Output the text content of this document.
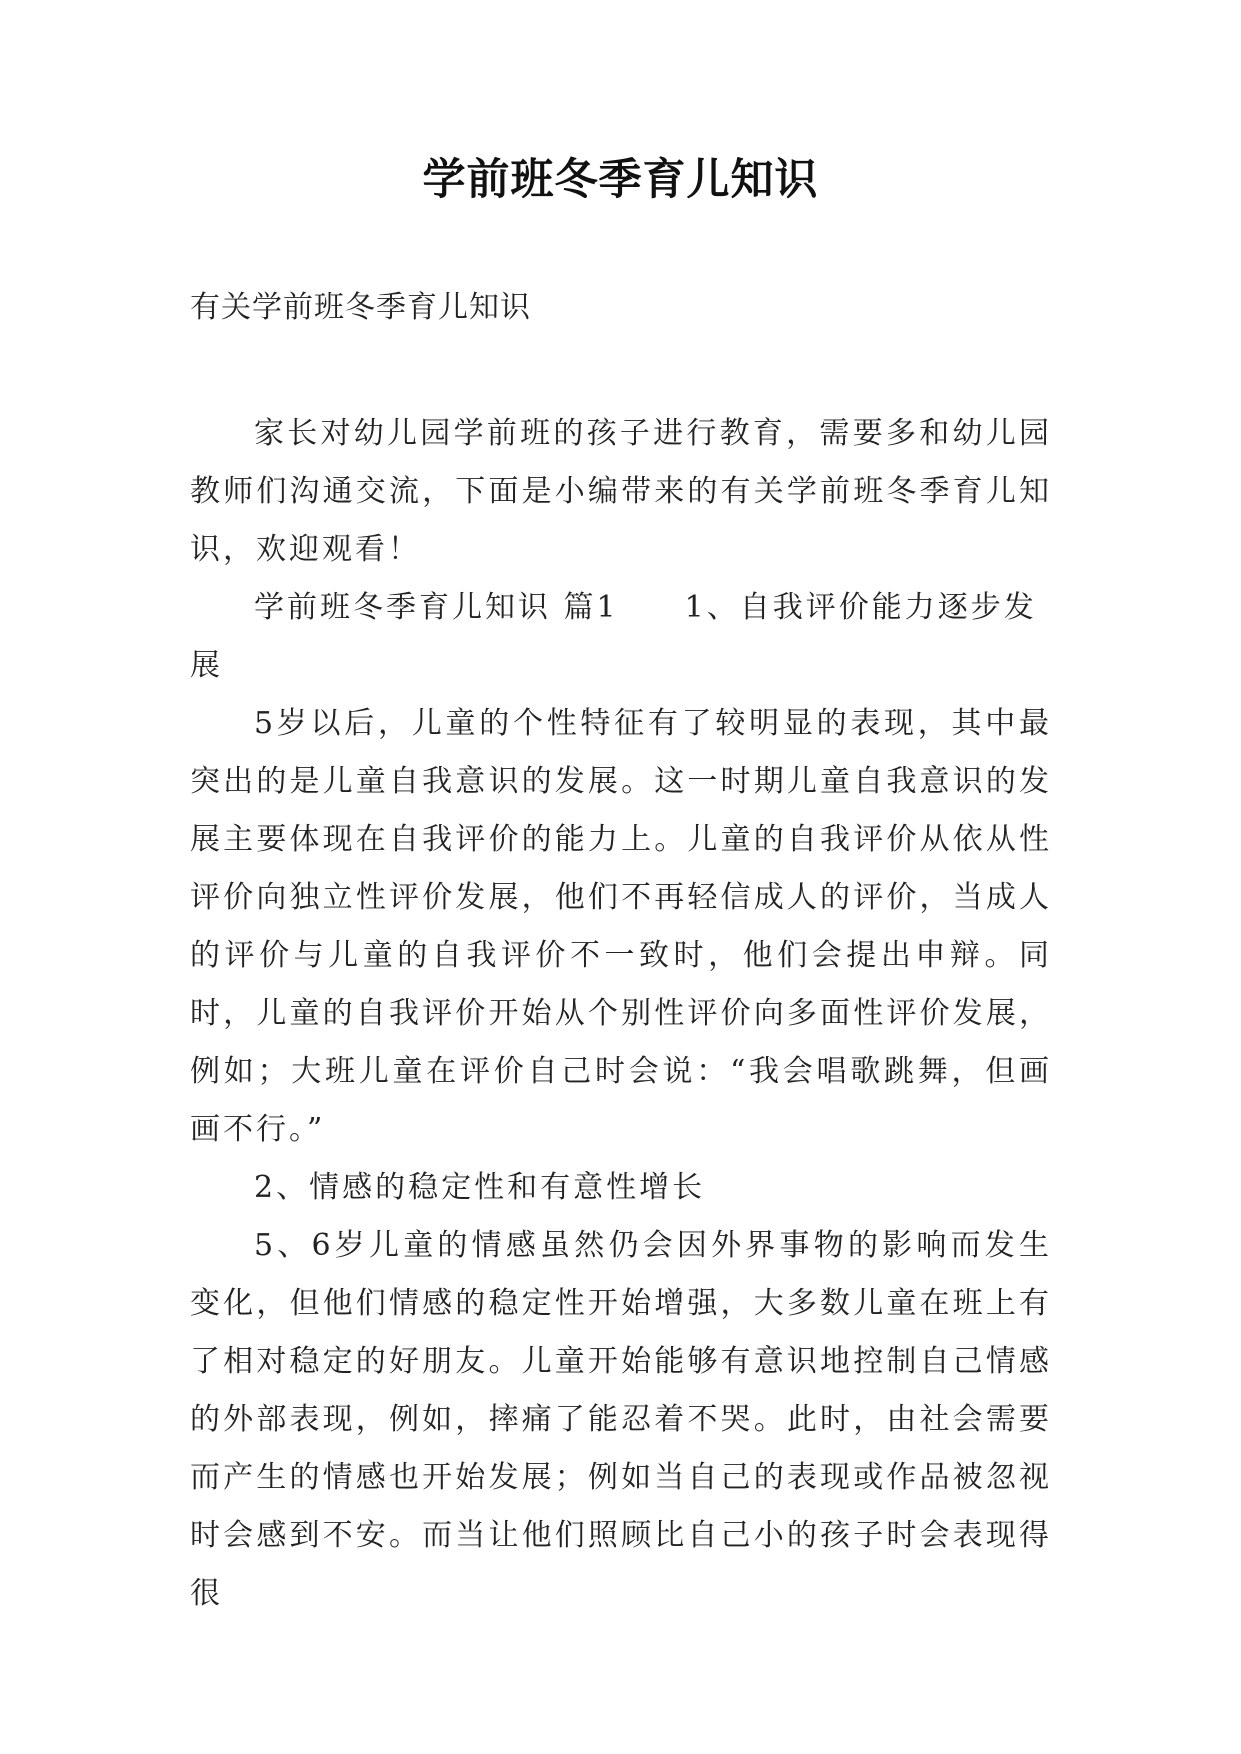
学前班冬季育儿知识

有关学前班冬季育儿知识

家长对幼儿园学前班的孩子进行教育，需要多和幼儿园教师们沟通交流，下面是小编带来的有关学前班冬季育儿知识，欢迎观看！

学前班冬季育儿知识 篇1　　1、自我评价能力逐步发展

5岁以后，儿童的个性特征有了较明显的表现，其中最突出的是儿童自我意识的发展。这一时期儿童自我意识的发展主要体现在自我评价的能力上。儿童的自我评价从依从性评价向独立性评价发展，他们不再轻信成人的评价，当成人的评价与儿童的自我评价不一致时，他们会提出申辩。同时，儿童的自我评价开始从个别性评价向多面性评价发展，例如；大班儿童在评价自己时会说：“我会唱歌跳舞，但画画不行。”

2、情感的稳定性和有意性增长

5、6岁儿童的情感虽然仍会因外界事物的影响而发生变化，但他们情感的稳定性开始增强，大多数儿童在班上有了相对稳定的好朋友。儿童开始能够有意识地控制自己情感的外部表现，例如，摔痛了能忍着不哭。此时，由社会需要而产生的情感也开始发展；例如当自己的表现或作品被忽视时会感到不安。而当让他们照顾比自己小的孩子时会表现得很
